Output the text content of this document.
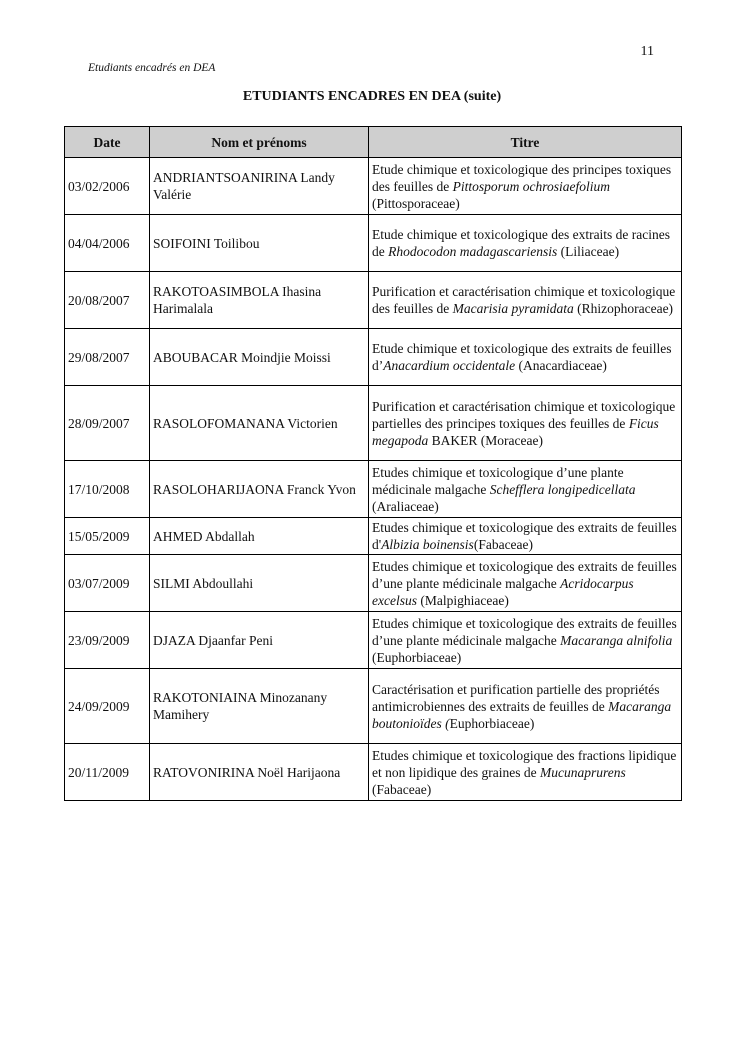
11
Etudiants encadrés en DEA
ETUDIANTS ENCADRES EN DEA (suite)
Date	Nom et prénoms	Titre
03/02/2006	ANDRIANTSOANIRINA Landy Valérie	Etude chimique et toxicologique des principes toxiques des feuilles de Pittosporum ochrosiaefolium (Pittosporaceae)
04/04/2006	SOIFOINI Toilibou	Etude chimique et toxicologique des extraits de racines de Rhodocodon madagascariensis (Liliaceae)
20/08/2007	RAKOTOASIMBOLA Ihasina Harimalala	Purification et caractérisation chimique et toxicologique des feuilles de Macarisia pyramidata (Rhizophoraceae)
29/08/2007	ABOUBACAR Moindjie Moissi	Etude chimique et toxicologique des extraits de feuilles d’Anacardium occidentale (Anacardiaceae)
28/09/2007	RASOLOFOMANANA Victorien	Purification et caractérisation chimique et toxicologique partielles des principes toxiques des feuilles de Ficus megapoda BAKER (Moraceae)
17/10/2008	RASOLOHARIJAONA Franck Yvon	Etudes chimique et toxicologique d’une plante médicinale malgache Schefflera longipedicellata (Araliaceae)
15/05/2009	AHMED Abdallah	Etudes chimique et toxicologique des extraits de feuilles d'Albizia boinensis(Fabaceae)
03/07/2009	SILMI Abdoullahi	Etudes chimique et toxicologique des extraits de feuilles d’une plante médicinale malgache Acridocarpus excelsus (Malpighiaceae)
23/09/2009	DJAZA Djaanfar Peni	Etudes chimique et toxicologique des extraits de feuilles d’une plante médicinale malgache Macaranga alnifolia (Euphorbiaceae)
24/09/2009	RAKOTONIAINA Minozanany Mamihery	Caractérisation et purification partielle des propriétés antimicrobiennes des extraits de feuilles de Macaranga boutonioïdes (Euphorbiaceae)
20/11/2009	RATOVONIRINA Noël Harijaona	Etudes chimique et toxicologique des fractions lipidique et non lipidique des graines de Mucunaprurens (Fabaceae)
